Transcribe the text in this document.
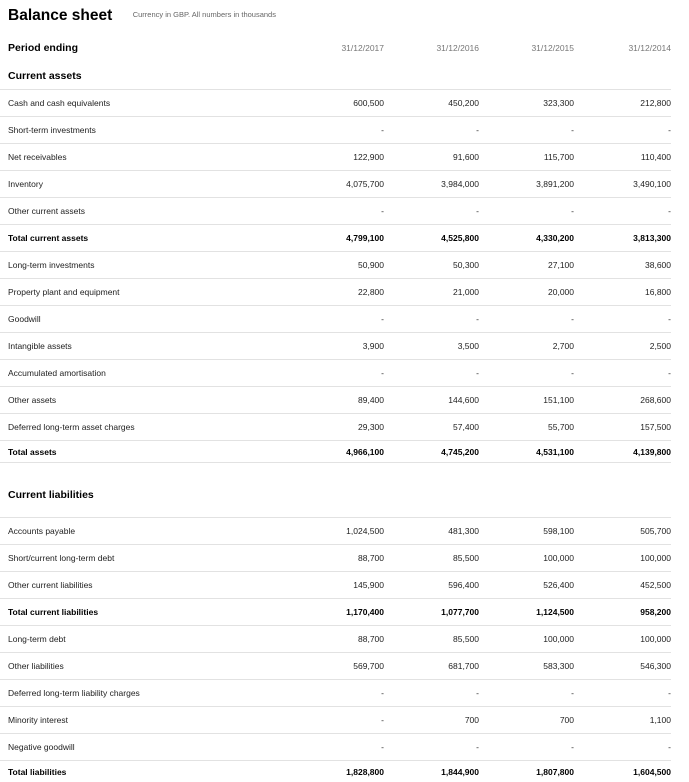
Balance sheet	Currency in GBP. All numbers in thousands
Period ending	31/12/2017	31/12/2016	31/12/2015	31/12/2014
Current assets				
Cash and cash equivalents	600,500	450,200	323,300	212,800
Short-term investments	-	-	-	-
Net receivables	122,900	91,600	115,700	110,400
Inventory	4,075,700	3,984,000	3,891,200	3,490,100
Other current assets	-	-	-	-
Total current assets	4,799,100	4,525,800	4,330,200	3,813,300
Long-term investments	50,900	50,300	27,100	38,600
Property plant and equipment	22,800	21,000	20,000	16,800
Goodwill	-	-	-	-
Intangible assets	3,900	3,500	2,700	2,500
Accumulated amortisation	-	-	-	-
Other assets	89,400	144,600	151,100	268,600
Deferred long-term asset charges	29,300	57,400	55,700	157,500
Total assets	4,966,100	4,745,200	4,531,100	4,139,800

Current liabilities				
Accounts payable	1,024,500	481,300	598,100	505,700
Short/current long-term debt	88,700	85,500	100,000	100,000
Other current liabilities	145,900	596,400	526,400	452,500
Total current liabilities	1,170,400	1,077,700	1,124,500	958,200
Long-term debt	88,700	85,500	100,000	100,000
Other liabilities	569,700	681,700	583,300	546,300
Deferred long-term liability charges	-	-	-	-
Minority interest	-	700	700	1,100
Negative goodwill	-	-	-	-
Total liabilities	1,828,800	1,844,900	1,807,800	1,604,500
